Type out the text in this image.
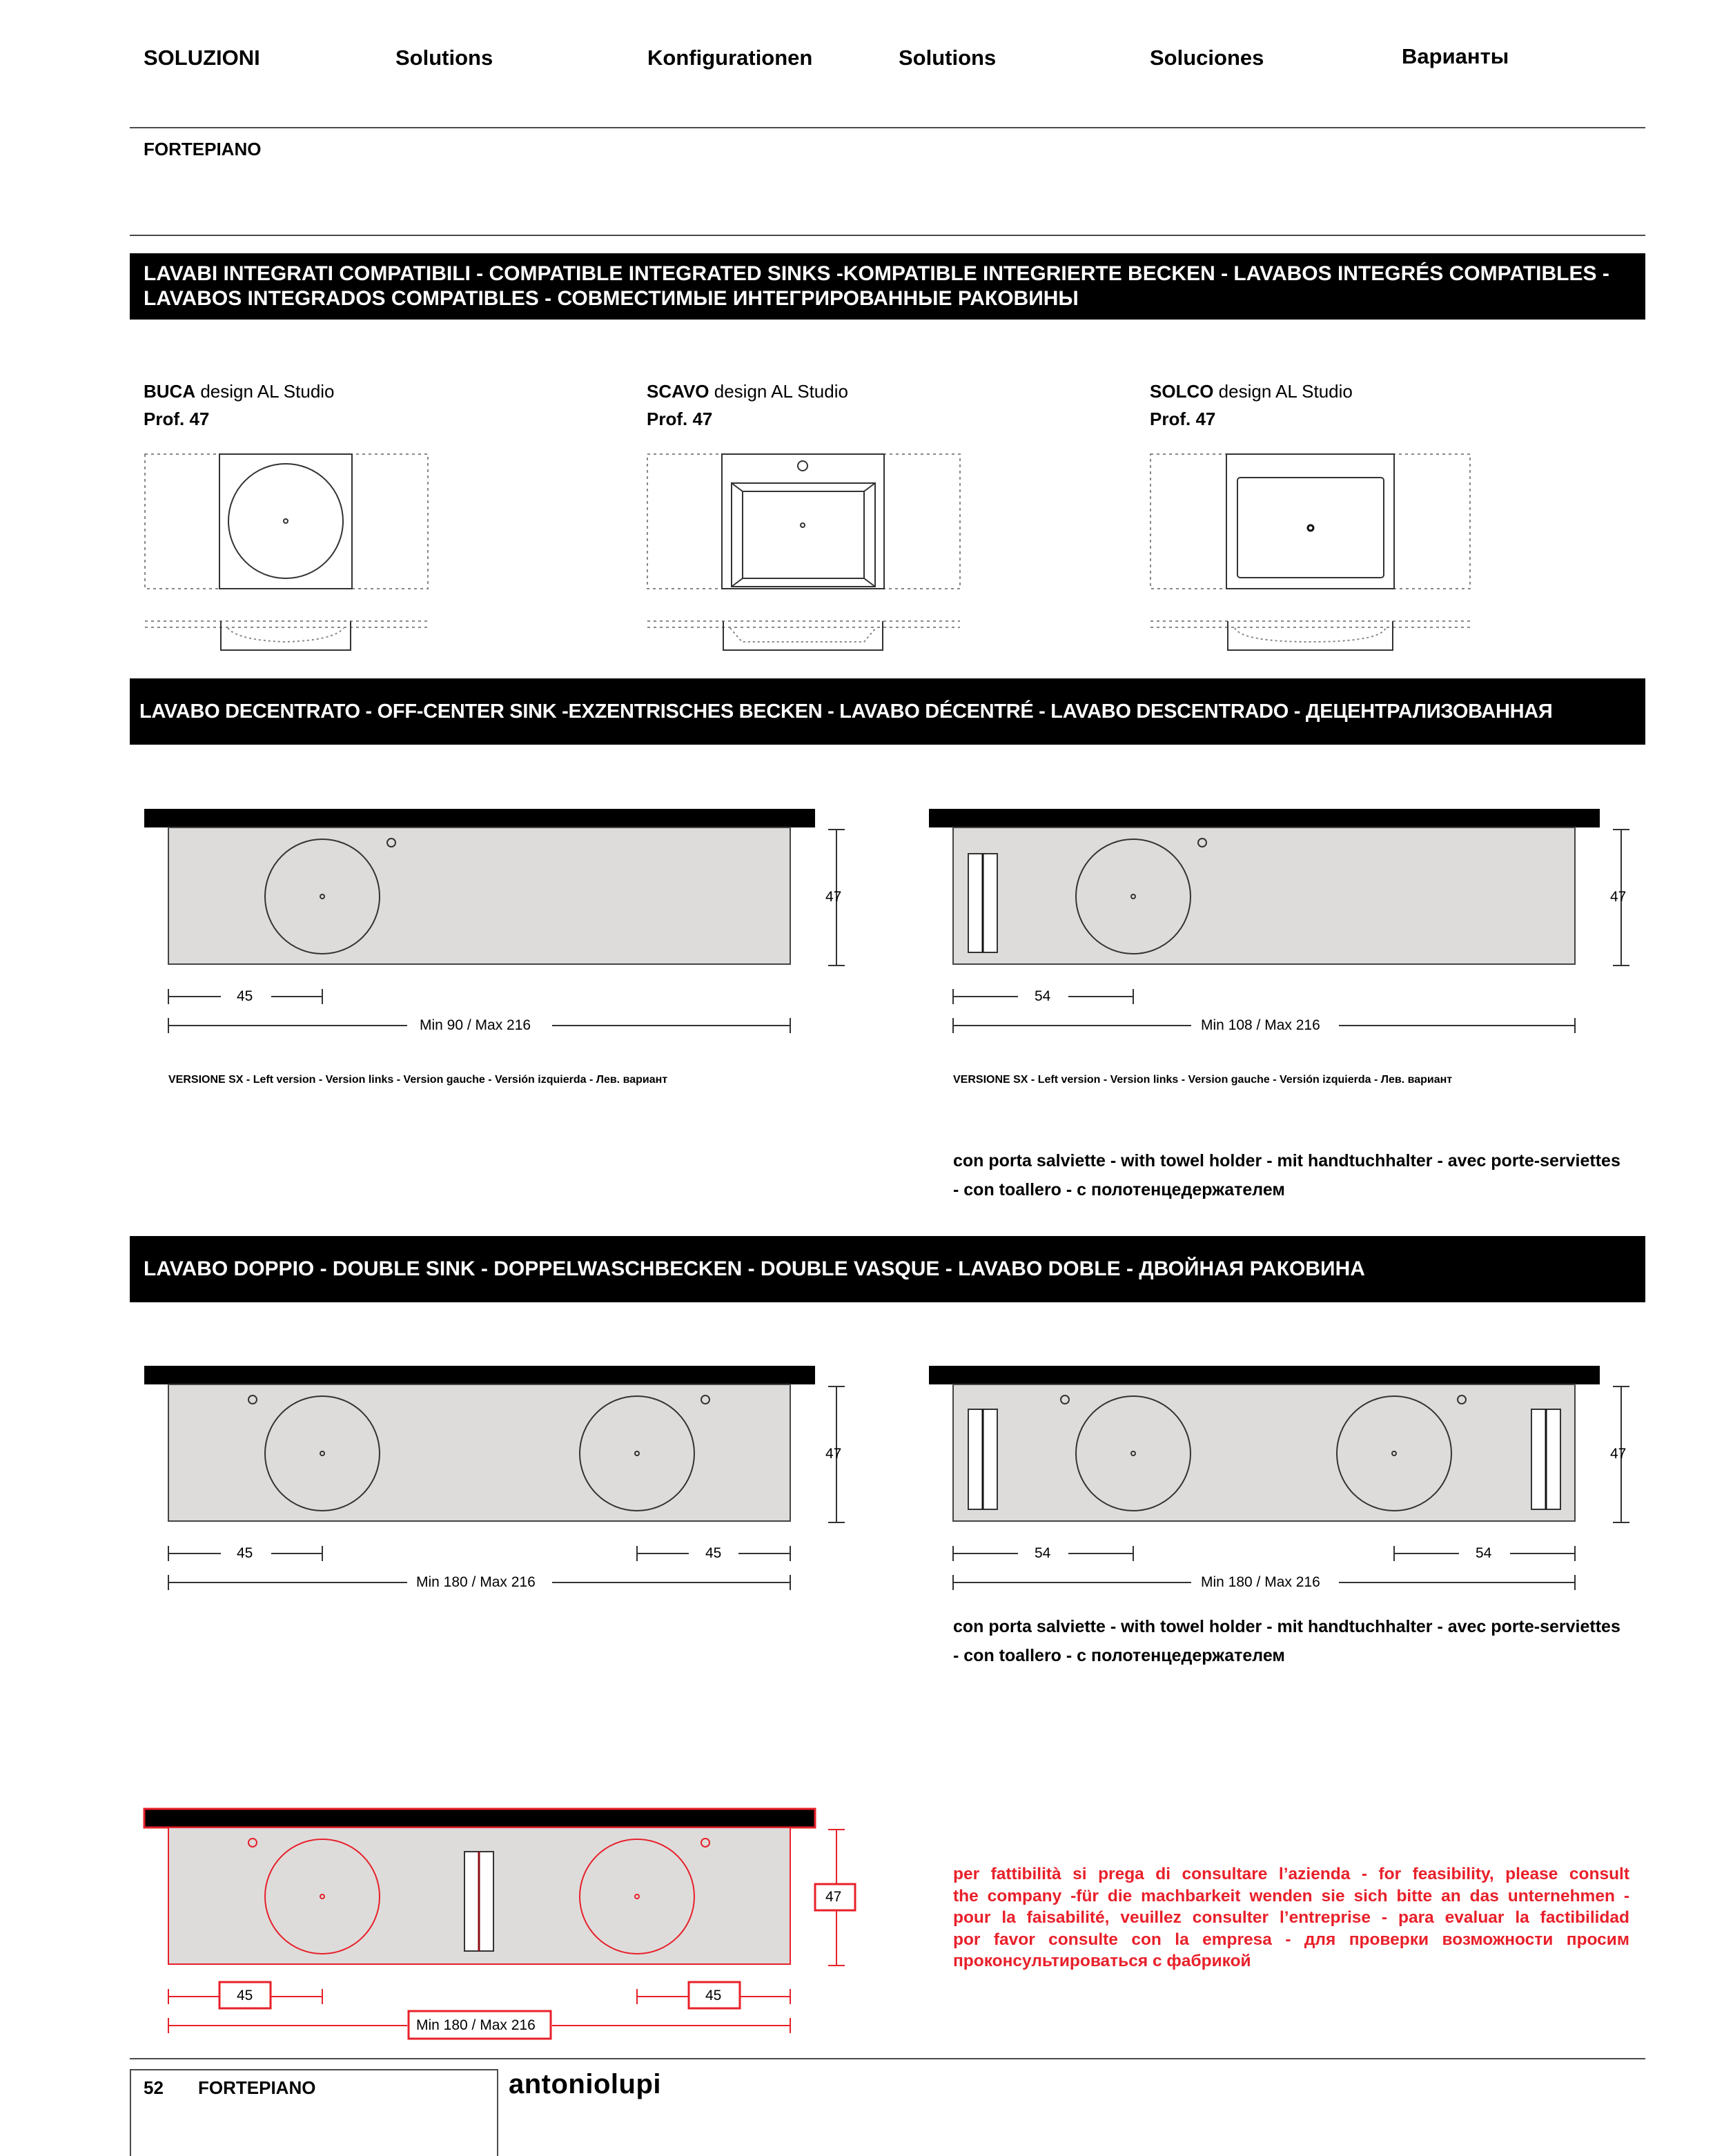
SOLUZIONI	Solutions	Konfigurationen	Solutions	Soluciones	Варианты
FORTEPIANO
LAVABI INTEGRATI COMPATIBILI - COMPATIBLE INTEGRATED SINKS -KOMPATIBLE INTEGRIERTE BECKEN - LAVABOS INTEGRÉS COMPATIBLES -
LAVABOS INTEGRADOS COMPATIBLES - СОВМЕСТИМЫЕ ИНТЕГРИРОВАННЫЕ РАКОВИНЫ
BUCA design AL Studio
Prof. 47
SCAVO design AL Studio
Prof. 47
SOLCO design AL Studio
Prof. 47
LAVABO DECENTRATO - OFF-CENTER SINK -EXZENTRISCHES BECKEN - LAVABO DÉCENTRÉ - LAVABO DESCENTRADO - ДЕЦЕНТРАЛИЗОВАННАЯ РАКОВИНА
47
45
Min 90 / Max 216
VERSIONE SX - Left version - Version links - Version gauche - Versión izquierda - Лев. вариант
47
54
Min 108 / Max 216
VERSIONE SX - Left version - Version links - Version gauche - Versión izquierda - Лев. вариант
con porta salviette - with towel holder - mit handtuchhalter - avec porte-serviettes
- con toallero - с полотенцедержателем
LAVABO DOPPIO - DOUBLE SINK - DOPPELWASCHBECKEN - DOUBLE VASQUE - LAVABO DOBLE - ДВОЙНАЯ РАКОВИНА
47
45	45
Min 180 / Max 216
47
54	54
Min 180 / Max 216
con porta salviette - with towel holder - mit handtuchhalter - avec porte-serviettes
- con toallero - с полотенцедержателем
47
45	45
Min 180 / Max 216
per fattibilità si prega di consultare l’azienda - for feasibility, please consult
the company -für die machbarkeit wenden sie sich bitte an das unternehmen -
pour la faisabilité, veuillez consulter l’entreprise - para evaluar la factibilidad
por favor consulte con la empresa - для проверки возможности просим
проконсультироваться с фабрикой
52 FORTEPIANO	antoniolupi
